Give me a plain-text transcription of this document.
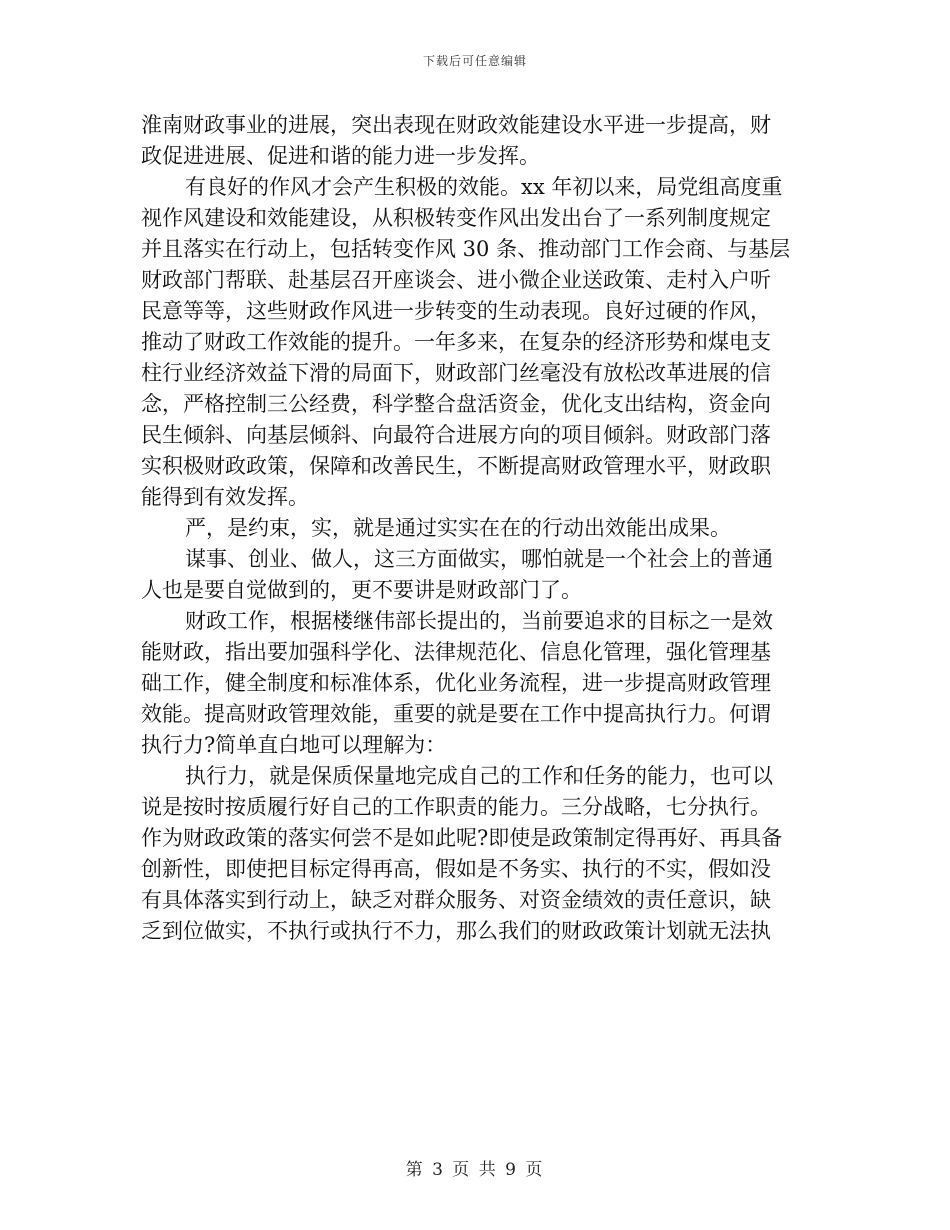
下载后可任意编辑
淮南财政事业的进展，突出表现在财政效能建设水平进一步提高，财
政促进进展、促进和谐的能力进一步发挥。
有良好的作风才会产生积极的效能。xx 年初以来，局党组高度重
视作风建设和效能建设，从积极转变作风出发出台了一系列制度规定
并且落实在行动上，包括转变作风 30 条、推动部门工作会商、与基层
财政部门帮联、赴基层召开座谈会、进小微企业送政策、走村入户听
民意等等，这些财政作风进一步转变的生动表现。良好过硬的作风，
推动了财政工作效能的提升。一年多来，在复杂的经济形势和煤电支
柱行业经济效益下滑的局面下，财政部门丝毫没有放松改革进展的信
念，严格控制三公经费，科学整合盘活资金，优化支出结构，资金向
民生倾斜、向基层倾斜、向最符合进展方向的项目倾斜。财政部门落
实积极财政政策，保障和改善民生，不断提高财政管理水平，财政职
能得到有效发挥。
严，是约束，实，就是通过实实在在的行动出效能出成果。
谋事、创业、做人，这三方面做实，哪怕就是一个社会上的普通
人也是要自觉做到的，更不要讲是财政部门了。
财政工作，根据楼继伟部长提出的，当前要追求的目标之一是效
能财政，指出要加强科学化、法律规范化、信息化管理，强化管理基
础工作，健全制度和标准体系，优化业务流程，进一步提高财政管理
效能。提高财政管理效能，重要的就是要在工作中提高执行力。何谓
执行力?简单直白地可以理解为：
执行力，就是保质保量地完成自己的工作和任务的能力，也可以
说是按时按质履行好自己的工作职责的能力。三分战略，七分执行。
作为财政政策的落实何尝不是如此呢?即使是政策制定得再好、再具备
创新性，即使把目标定得再高，假如是不务实、执行的不实，假如没
有具体落实到行动上，缺乏对群众服务、对资金绩效的责任意识，缺
乏到位做实，不执行或执行不力，那么我们的财政政策计划就无法执
第 3 页 共 9 页
